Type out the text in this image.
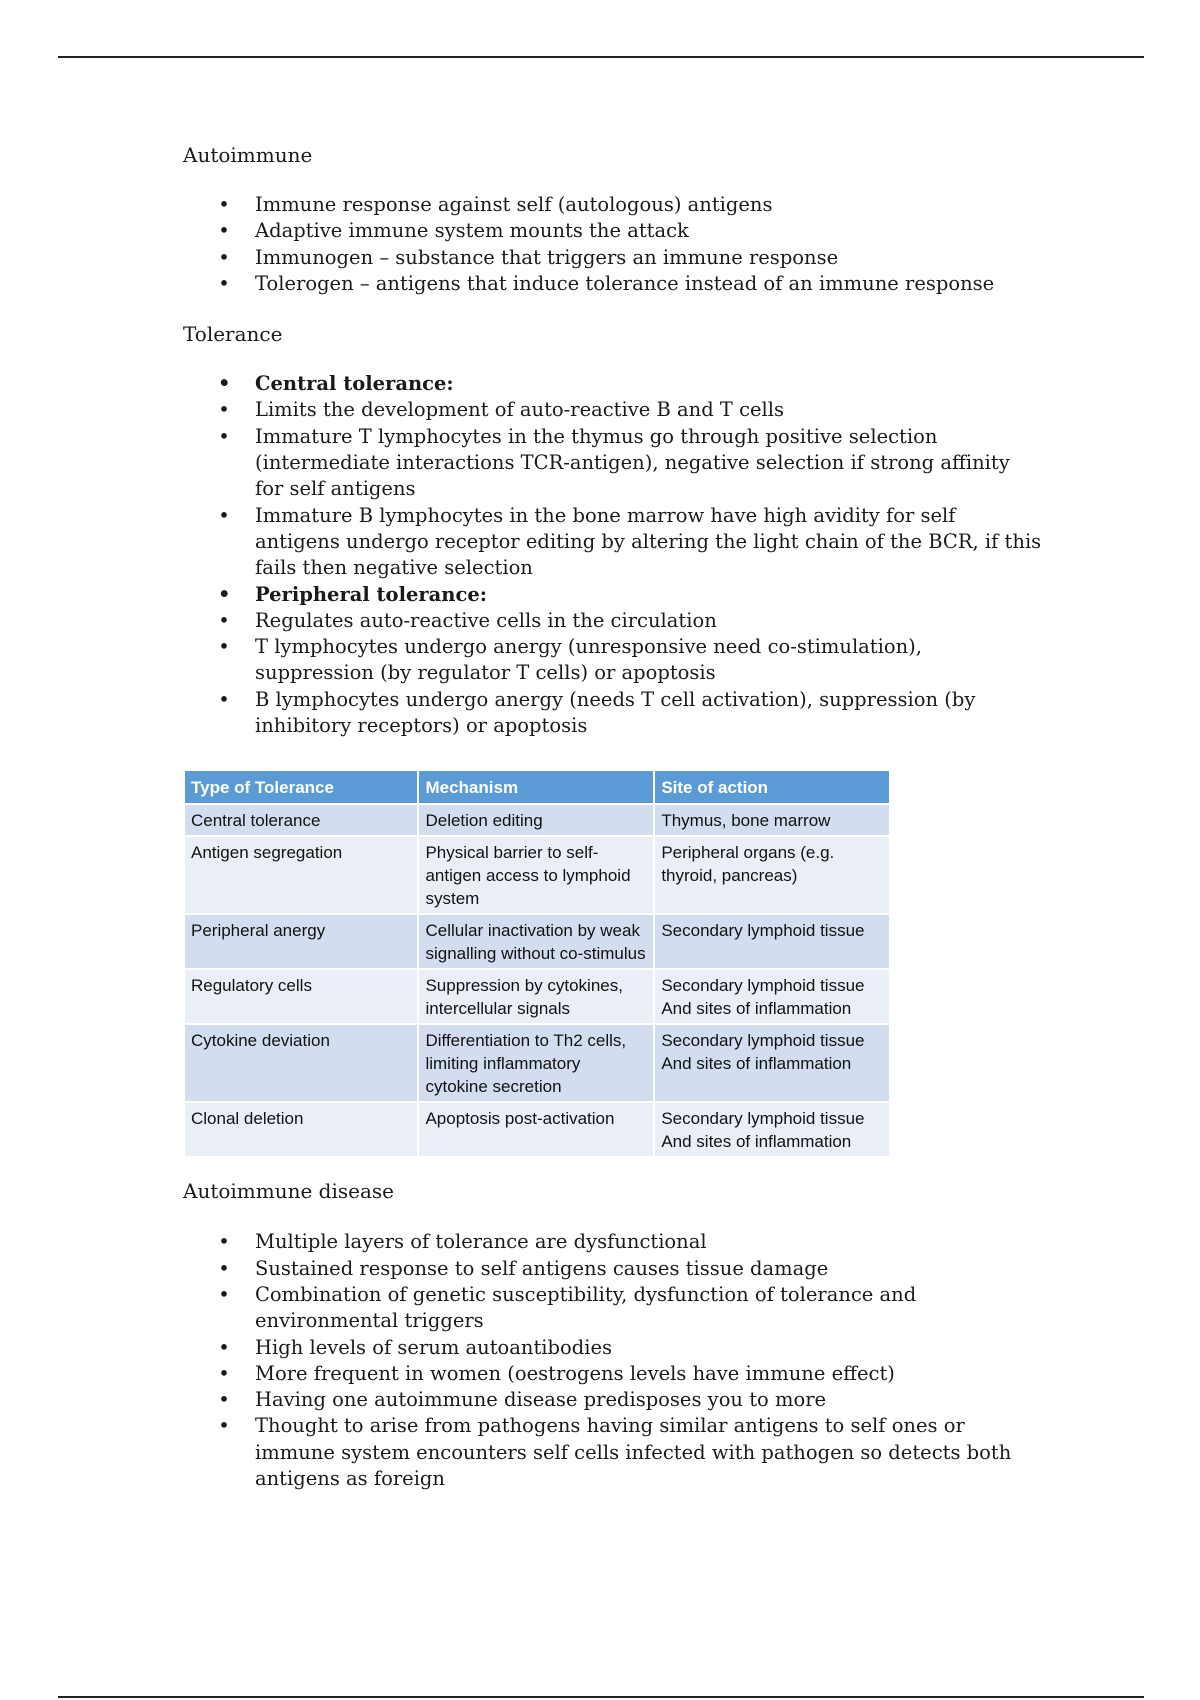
Autoimmune
• Immune response against self (autologous) antigens
• Adaptive immune system mounts the attack
• Immunogen – substance that triggers an immune response
• Tolerogen – antigens that induce tolerance instead of an immune response
Tolerance
• Central tolerance:
• Limits the development of auto-reactive B and T cells
• Immature T lymphocytes in the thymus go through positive selection (intermediate interactions TCR-antigen), negative selection if strong affinity for self antigens
• Immature B lymphocytes in the bone marrow have high avidity for self antigens undergo receptor editing by altering the light chain of the BCR, if this fails then negative selection
• Peripheral tolerance:
• Regulates auto-reactive cells in the circulation
• T lymphocytes undergo anergy (unresponsive need co-stimulation), suppression (by regulator T cells) or apoptosis
• B lymphocytes undergo anergy (needs T cell activation), suppression (by inhibitory receptors) or apoptosis
Type of Tolerance	Mechanism	Site of action
Central tolerance	Deletion editing	Thymus, bone marrow
Antigen segregation	Physical barrier to self-antigen access to lymphoid system	Peripheral organs (e.g. thyroid, pancreas)
Peripheral anergy	Cellular inactivation by weak signalling without co-stimulus	Secondary lymphoid tissue
Regulatory cells	Suppression by cytokines, intercellular signals	Secondary lymphoid tissue And sites of inflammation
Cytokine deviation	Differentiation to Th2 cells, limiting inflammatory cytokine secretion	Secondary lymphoid tissue And sites of inflammation
Clonal deletion	Apoptosis post-activation	Secondary lymphoid tissue And sites of inflammation
Autoimmune disease
• Multiple layers of tolerance are dysfunctional
• Sustained response to self antigens causes tissue damage
• Combination of genetic susceptibility, dysfunction of tolerance and environmental triggers
• High levels of serum autoantibodies
• More frequent in women (oestrogens levels have immune effect)
• Having one autoimmune disease predisposes you to more
• Thought to arise from pathogens having similar antigens to self ones or immune system encounters self cells infected with pathogen so detects both antigens as foreign
